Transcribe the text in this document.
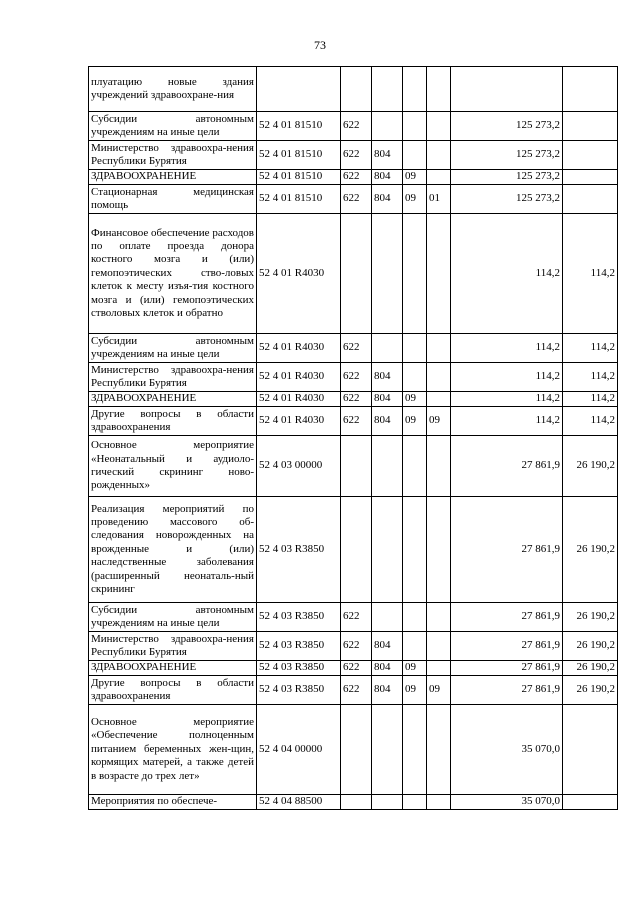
73
плуатацию новые здания учреждений здравоохране-ния							
Субсидии автономным учреждениям на иные цели	52 4 01 81510	622				125 273,2	
Министерство здравоохра-нения Республики Бурятия	52 4 01 81510	622	804			125 273,2	
ЗДРАВООХРАНЕНИЕ	52 4 01 81510	622	804	09		125 273,2	
Стационарная медицинская помощь	52 4 01 81510	622	804	09	01	125 273,2	
Финансовое обеспечение расходов по оплате проезда донора костного мозга и (или) гемопоэтических ство-ловых клеток к месту изъя-тия костного мозга и (или) гемопоэтических стволовых клеток и обратно	52 4 01 R4030					114,2	114,2
Субсидии автономным учреждениям на иные цели	52 4 01 R4030	622				114,2	114,2
Министерство здравоохра-нения Республики Бурятия	52 4 01 R4030	622	804			114,2	114,2
ЗДРАВООХРАНЕНИЕ	52 4 01 R4030	622	804	09		114,2	114,2
Другие вопросы в области здравоохранения	52 4 01 R4030	622	804	09	09	114,2	114,2
Основное мероприятие «Неонатальный и аудиоло-гический скрининг ново-рожденных»	52 4 03 00000					27 861,9	26 190,2
Реализация мероприятий по проведению массового об-следования новорожденных на врожденные и (или) наследственные заболевания (расширенный неонаталь-ный скрининг	52 4 03 R3850					27 861,9	26 190,2
Субсидии автономным учреждениям на иные цели	52 4 03 R3850	622				27 861,9	26 190,2
Министерство здравоохра-нения Республики Бурятия	52 4 03 R3850	622	804			27 861,9	26 190,2
ЗДРАВООХРАНЕНИЕ	52 4 03 R3850	622	804	09		27 861,9	26 190,2
Другие вопросы в области здравоохранения	52 4 03 R3850	622	804	09	09	27 861,9	26 190,2
Основное мероприятие «Обеспечение полноценным питанием беременных жен-щин, кормящих матерей, а также детей в возрасте до трех лет»	52 4 04 00000					35 070,0	
Мероприятия по обеспече-	52 4 04 88500					35 070,0	
